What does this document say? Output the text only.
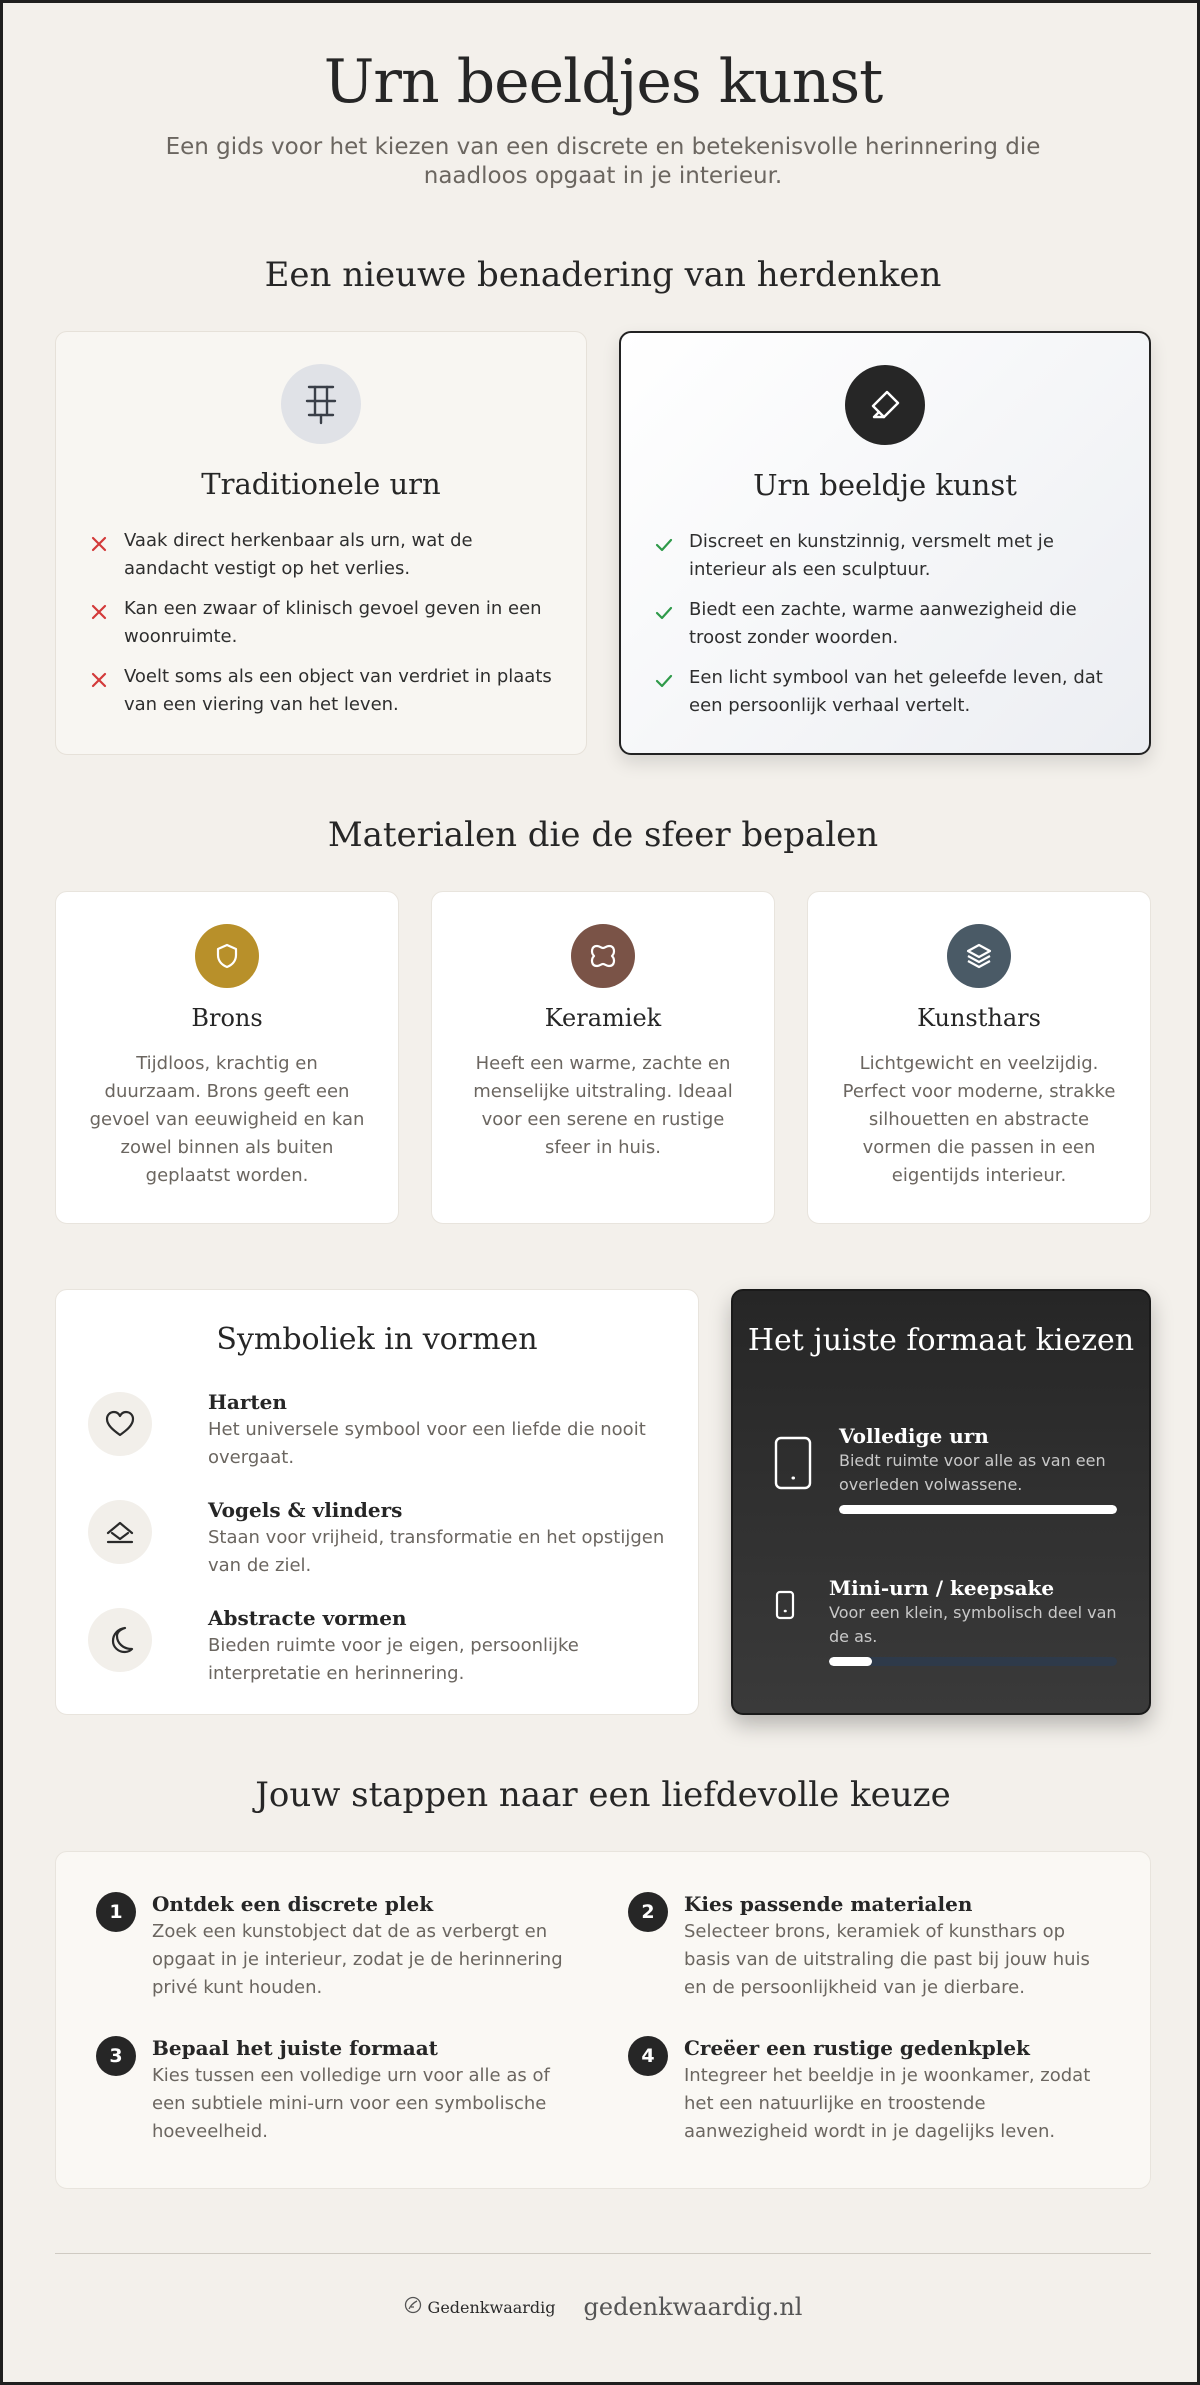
Urn beeldjes kunst

Een gids voor het kiezen van een discrete en betekenisvolle herinnering die naadloos opgaat in je interieur.

Een nieuwe benadering van herdenken
Traditionele urn
Vaak direct herkenbaar als urn, wat de aandacht vestigt op het verlies.
Kan een zwaar of klinisch gevoel geven in een woonruimte.
Voelt soms als een object van verdriet in plaats van een viering van het leven.
Urn beeldje kunst
Discreet en kunstzinnig, versmelt met je interieur als een sculptuur.
Biedt een zachte, warme aanwezigheid die troost zonder woorden.
Een licht symbool van het geleefde leven, dat een persoonlijk verhaal vertelt.
Materialen die de sfeer bepalen
Brons
Tijdloos, krachtig en duurzaam. Brons geeft een gevoel van eeuwigheid en kan zowel binnen als buiten geplaatst worden.
Keramiek
Heeft een warme, zachte en menselijke uitstraling. Ideaal voor een serene en rustige sfeer in huis.
Kunsthars
Lichtgewicht en veelzijdig. Perfect voor moderne, strakke silhouetten en abstracte vormen die passen in een eigentijds interieur.
Symboliek in vormen
Harten
Het universele symbool voor een liefde die nooit overgaat.
Vogels & vlinders
Staan voor vrijheid, transformatie en het opstijgen van de ziel.
Abstracte vormen
Bieden ruimte voor je eigen, persoonlijke interpretatie en herinnering.
Het juiste formaat kiezen
Volledige urn
Biedt ruimte voor alle as van een overleden volwassene.
Mini-urn / keepsake
Voor een klein, symbolisch deel van de as.
Jouw stappen naar een liefdevolle keuze
1	Ontdek een discrete plek
Zoek een kunstobject dat de as verbergt en opgaat in je interieur, zodat je de herinnering privé kunt houden.
2	Kies passende materialen
Selecteer brons, keramiek of kunsthars op basis van de uitstraling die past bij jouw huis en de persoonlijkheid van je dierbare.
3	Bepaal het juiste formaat
Kies tussen een volledige urn voor alle as of een subtiele mini-urn voor een symbolische hoeveelheid.
4	Creëer een rustige gedenkplek
Integreer het beeldje in je woonkamer, zodat het een natuurlijke en troostende aanwezigheid wordt in je dagelijks leven.
Gedenkwaardig gedenkwaardig.nl
